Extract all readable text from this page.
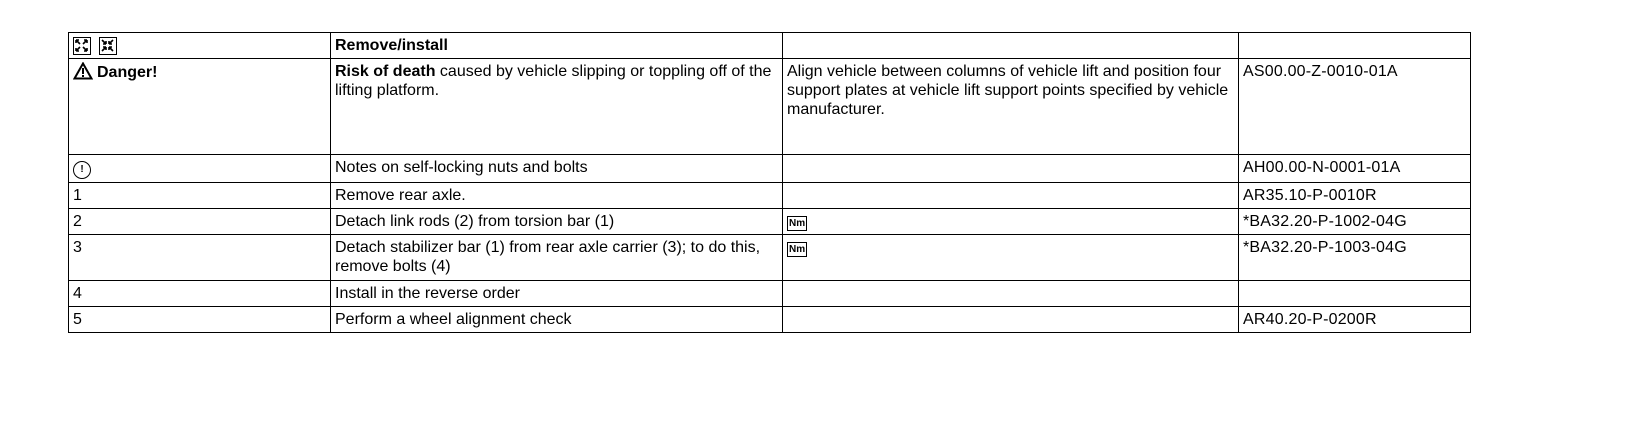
	Remove/install		
Danger!	Risk of death caused by vehicle slipping or toppling off of the lifting platform.	Align vehicle between columns of vehicle lift and position four support plates at vehicle lift support points specified by vehicle manufacturer.	AS00.00-Z-0010-01A
!	Notes on self-locking nuts and bolts		AH00.00-N-0001-01A
1	Remove rear axle.		AR35.10-P-0010R
2	Detach link rods (2) from torsion bar (1)	Nm	*BA32.20-P-1002-04G
3	Detach stabilizer bar (1) from rear axle carrier (3); to do this, remove bolts (4)	Nm	*BA32.20-P-1003-04G
4	Install in the reverse order		
5	Perform a wheel alignment check		AR40.20-P-0200R
